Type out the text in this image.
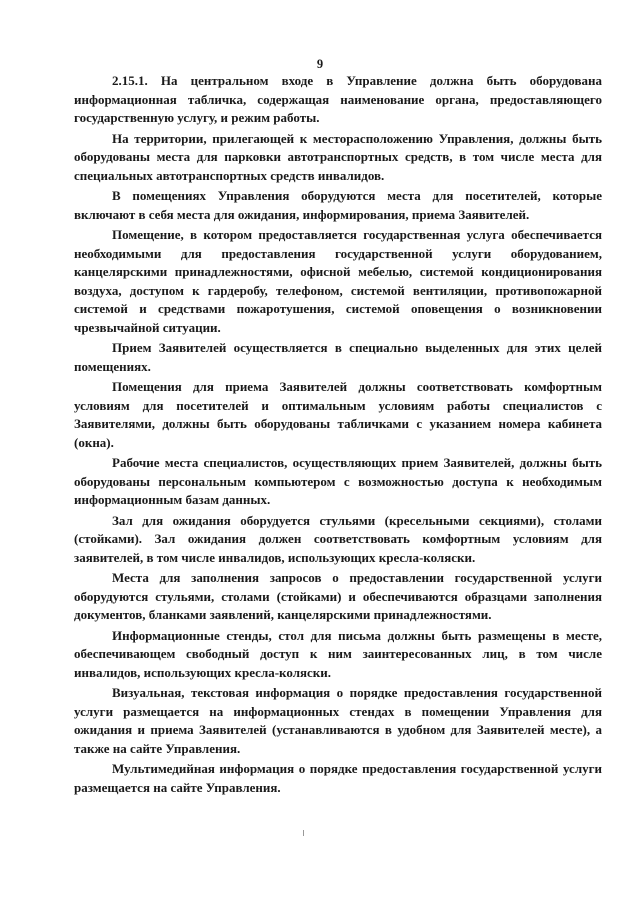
9

2.15.1. На центральном входе в Управление должна быть оборудована информационная табличка, содержащая наименование органа, предоставляющего государственную услугу, и режим работы.

На территории, прилегающей к месторасположению Управления, должны быть оборудованы места для парковки автотранспортных средств, в том числе места для специальных автотранспортных средств инвалидов.

В помещениях Управления оборудуются места для посетителей, которые включают в себя места для ожидания, информирования, приема Заявителей.

Помещение, в котором предоставляется государственная услуга обеспечивается необходимыми для предоставления государственной услуги оборудованием, канцелярскими принадлежностями, офисной мебелью, системой кондиционирования воздуха, доступом к гардеробу, телефоном, системой вентиляции, противопожарной системой и средствами пожаротушения, системой оповещения о возникновении чрезвычайной ситуации.

Прием Заявителей осуществляется в специально выделенных для этих целей помещениях.

Помещения для приема Заявителей должны соответствовать комфортным условиям для посетителей и оптимальным условиям работы специалистов с Заявителями, должны быть оборудованы табличками с указанием номера кабинета (окна).

Рабочие места специалистов, осуществляющих прием Заявителей, должны быть оборудованы персональным компьютером с возможностью доступа к необходимым информационным базам данных.

Зал для ожидания оборудуется стульями (кресельными секциями), столами (стойками). Зал ожидания должен соответствовать комфортным условиям для заявителей, в том числе инвалидов, использующих кресла-коляски.

Места для заполнения запросов о предоставлении государственной услуги оборудуются стульями, столами (стойками) и обеспечиваются образцами заполнения документов, бланками заявлений, канцелярскими принадлежностями.

Информационные стенды, стол для письма должны быть размещены в месте, обеспечивающем свободный доступ к ним заинтересованных лиц, в том числе инвалидов, использующих кресла-коляски.

Визуальная, текстовая информация о порядке предоставления государственной услуги размещается на информационных стендах в помещении Управления для ожидания и приема Заявителей (устанавливаются в удобном для Заявителей месте), а также на сайте Управления.

Мультимедийная информация о порядке предоставления государственной услуги размещается на сайте Управления.
